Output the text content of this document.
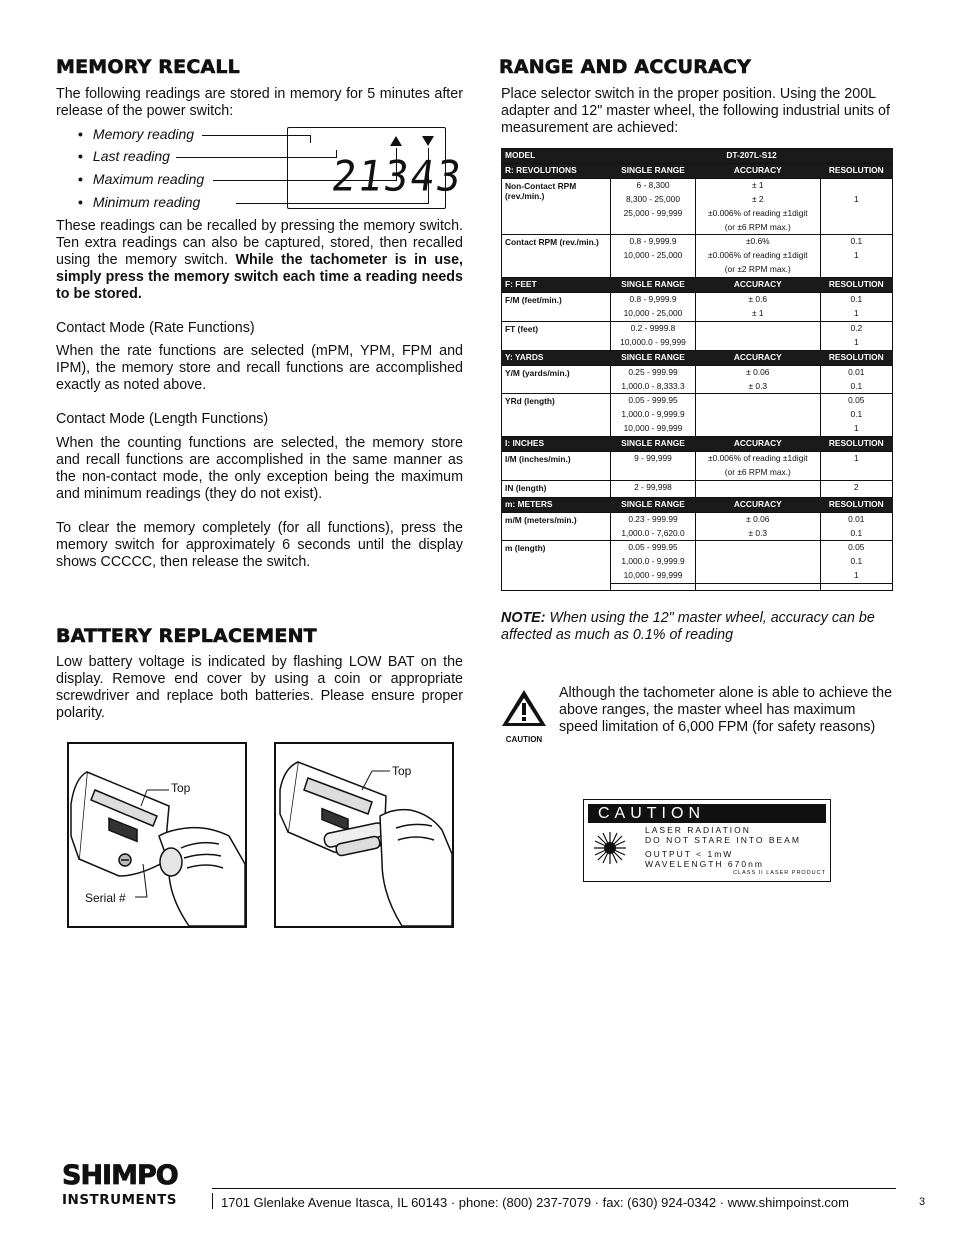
MEMORY RECALL

The following readings are stored in memory for 5 minutes after release of the power switch:

• Memory reading
• Last reading
• Maximum reading
• Minimum reading
21343

These readings can be recalled by pressing the memory switch. Ten extra readings can also be captured, stored, then recalled using the memory switch. While the tachometer is in use, simply press the memory switch each time a reading needs to be stored.

Contact Mode (Rate Functions)

When the rate functions are selected (mPM, YPM, FPM and IPM), the memory store and recall functions are accomplished exactly as noted above.

Contact Mode (Length Functions)

When the counting functions are selected, the memory store and recall functions are accomplished in the same manner as the non-contact mode, the only exception being the maximum and minimum readings (they do not exist).

To clear the memory completely (for all functions), press the memory switch for approximately 6 seconds until the display shows CCCCC, then release the switch.

BATTERY REPLACEMENT

Low battery voltage is indicated by flashing LOW BAT on the display. Remove end cover by using a coin or appropriate screwdriver and replace both batteries. Please ensure proper polarity.

Top
Serial #
Top
RANGE AND ACCURACY

Place selector switch in the proper position. Using the 200L adapter and 12" master wheel, the following industrial units of measurement are achieved:

MODEL	DT-207L-S12		
R: REVOLUTIONS	SINGLE RANGE	ACCURACY	RESOLUTION
Non-Contact RPM (rev./min.)	6 - 8,300	± 1	
	8,300 - 25,000	± 2	1
	25,000 - 99,999	±0.006% of reading ±1digit	
		(or ±6 RPM max.)	
Contact RPM (rev./min.)	0.8 - 9,999.9	±0.6%	0.1
	10,000 - 25,000	±0.006% of reading ±1digit	1
		(or ±2 RPM max.)	
F: FEET	SINGLE RANGE	ACCURACY	RESOLUTION
F/M (feet/min.)	0.8 - 9,999.9	± 0.6	0.1
	10,000 - 25,000	± 1	1
FT (feet)	0.2 - 9999.8		0.2
	10,000.0 - 99,999		1
Y: YARDS	SINGLE RANGE	ACCURACY	RESOLUTION
Y/M (yards/min.)	0.25 - 999.99	± 0.06	0.01
	1,000.0 - 8,333.3	± 0.3	0.1
YRd (length)	0.05 - 999.95		0.05
	1,000.0 - 9,999.9		0.1
	10,000 - 99,999		1
I: INCHES	SINGLE RANGE	ACCURACY	RESOLUTION
I/M (inches/min.)	9 - 99,999	±0.006% of reading ±1digit	1
		(or ±6 RPM max.)	
IN (length)	2 - 99,998		2
m: METERS	SINGLE RANGE	ACCURACY	RESOLUTION
m/M (meters/min.)	0.23 - 999.99	± 0.06	0.01
	1,000.0 - 7,620.0	± 0.3	0.1
m (length)	0.05 - 999.95		0.05
	1,000.0 - 9,999.9		0.1
	10,000 - 99,999		1

NOTE: When using the 12" master wheel, accuracy can be affected as much as 0.1% of reading
CAUTION

Although the tachometer alone is able to achieve the above ranges, the master wheel has maximum speed limitation of 6,000 FPM (for safety reasons)

CAUTION
LASER RADIATION
DO NOT STARE INTO BEAM
OUTPUT < 1mW
WAVELENGTH 670nm
CLASS II LASER PRODUCT
SHIMPO
INSTRUMENTS	1701 Glenlake Avenue Itasca, IL 60143 · phone: (800) 237-7079 · fax: (630) 924-0342 · www.shimpoinst.com	3
